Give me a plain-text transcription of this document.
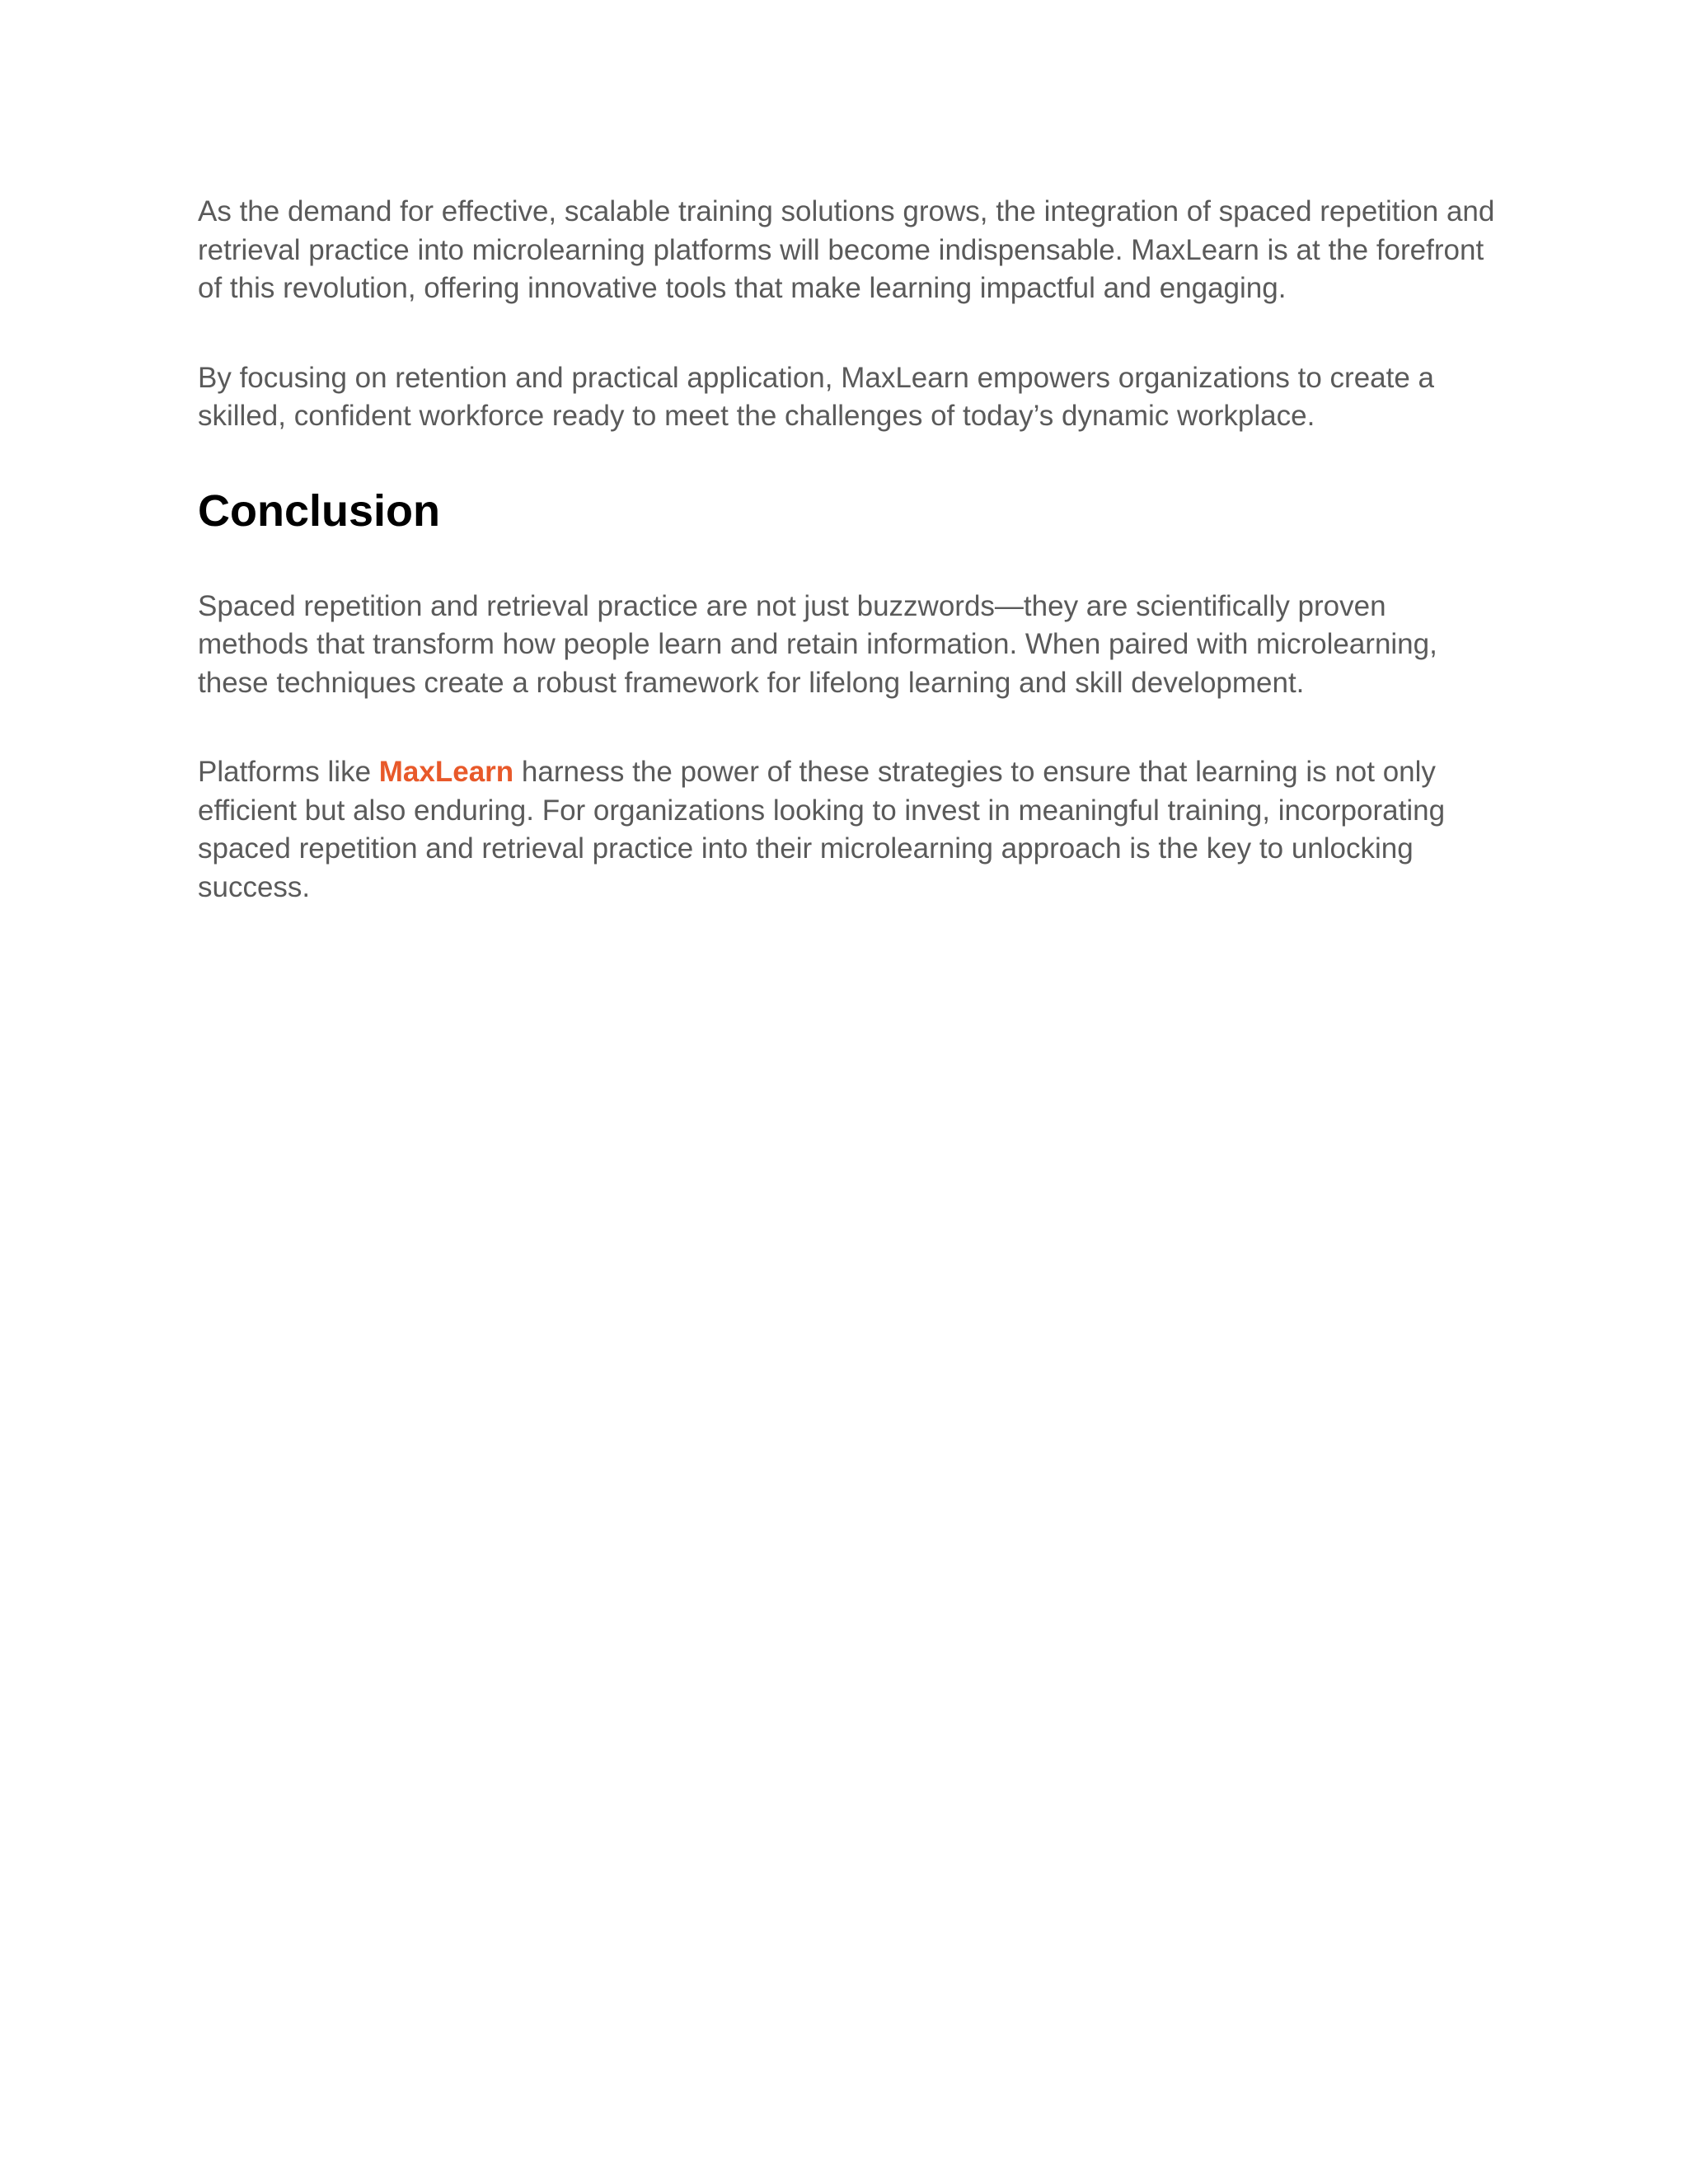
As the demand for effective, scalable training solutions grows, the integration of spaced repetition and retrieval practice into microlearning platforms will become indispensable. MaxLearn is at the forefront of this revolution, offering innovative tools that make learning impactful and engaging.

By focusing on retention and practical application, MaxLearn empowers organizations to create a skilled, confident workforce ready to meet the challenges of today’s dynamic workplace.

Conclusion

Spaced repetition and retrieval practice are not just buzzwords—they are scientifically proven methods that transform how people learn and retain information. When paired with microlearning, these techniques create a robust framework for lifelong learning and skill development.

Platforms like MaxLearn harness the power of these strategies to ensure that learning is not only efficient but also enduring. For organizations looking to invest in meaningful training, incorporating spaced repetition and retrieval practice into their microlearning approach is the key to unlocking success.
